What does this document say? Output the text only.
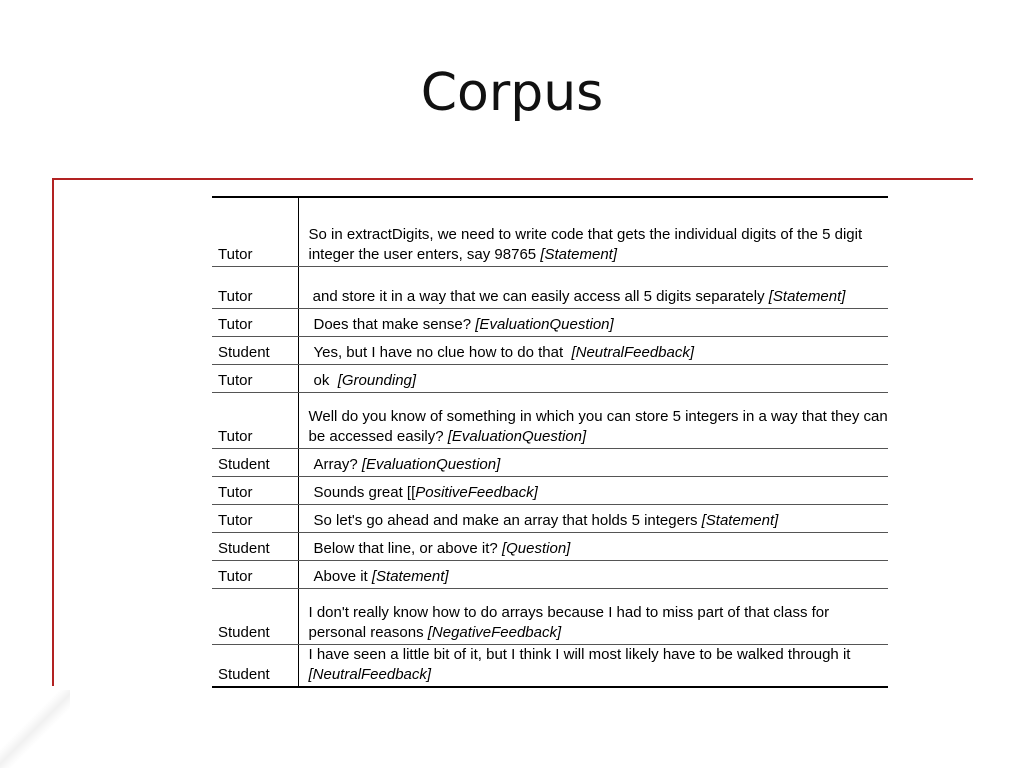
Corpus
Tutor	So in extractDigits, we need to write code that gets the individual digits of the 5 digit integer the user enters, say 98765 [Statement]
Tutor	and store it in a way that we can easily access all 5 digits separately [Statement]
Tutor	Does that make sense? [EvaluationQuestion]
Student	Yes, but I have no clue how to do that  [NeutralFeedback]
Tutor	ok  [Grounding]
Tutor	Well do you know of something in which you can store 5 integers in a way that they can be accessed easily? [EvaluationQuestion]
Student	Array? [EvaluationQuestion]
Tutor	Sounds great [[PositiveFeedback]
Tutor	So let's go ahead and make an array that holds 5 integers [Statement]
Student	Below that line, or above it? [Question]
Tutor	Above it [Statement]
Student	I don't really know how to do arrays because I had to miss part of that class for personal reasons [NegativeFeedback]
Student	I have seen a little bit of it, but I think I will most likely have to be walked through it [NeutralFeedback]
